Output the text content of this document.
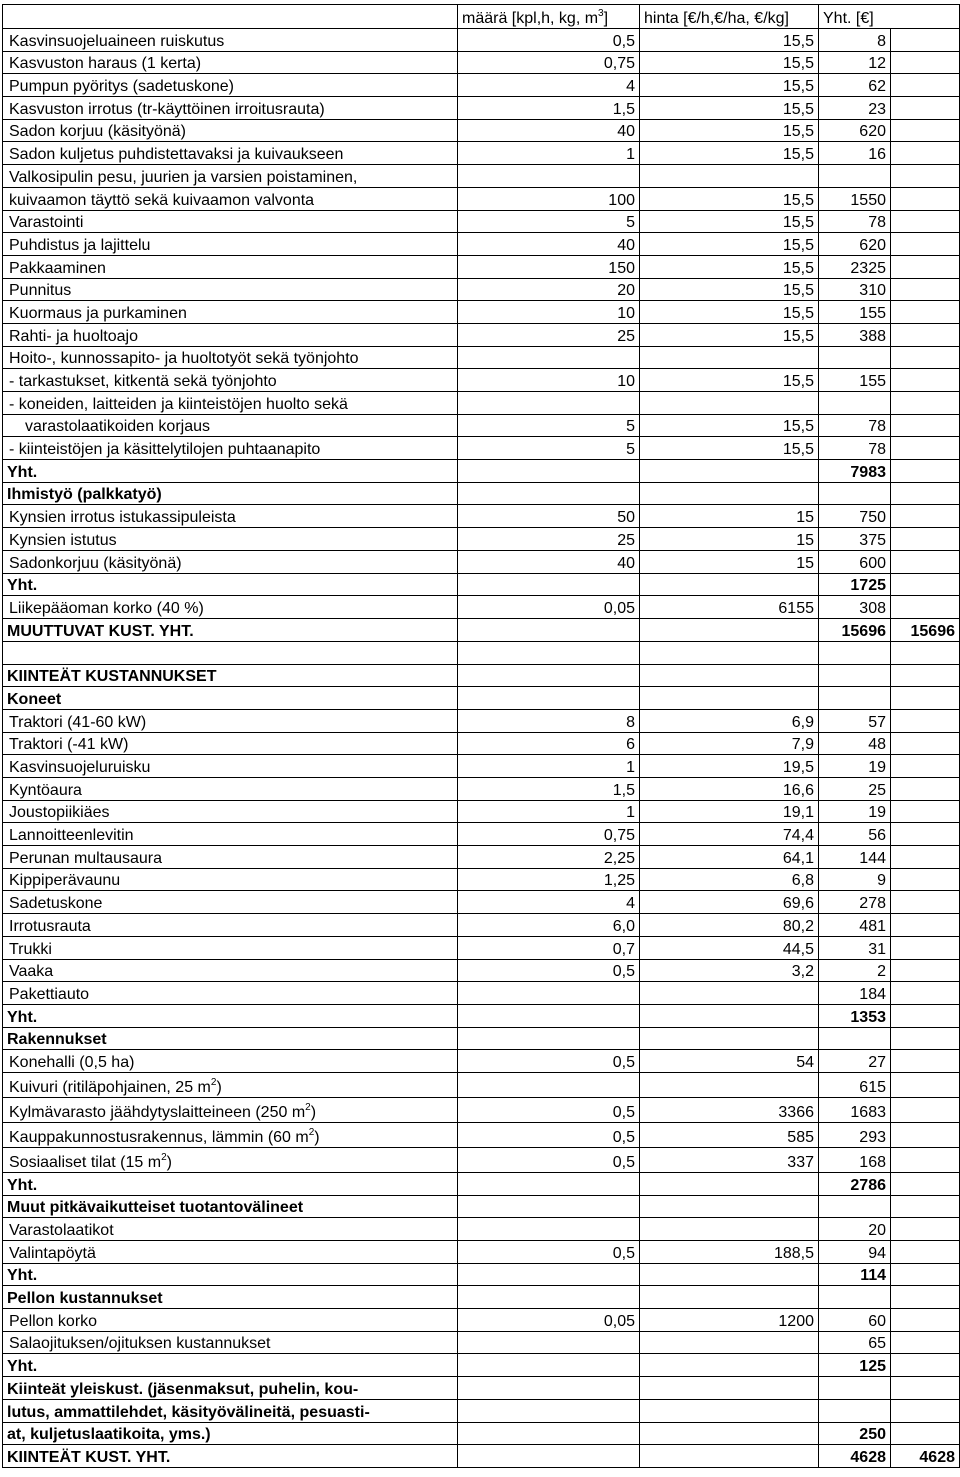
	määrä [kpl,h, kg, $m^3$]	hinta [€/h,€/ha, €/kg]	Yht. [€]	
Kasvinsuojeluaineen ruiskutus	0,5	15,5	8	
Kasvuston haraus (1 kerta)	0,75	15,5	12	
Pumpun pyöritys (sadetuskone)	4	15,5	62	
Kasvuston irrotus (tr-käyttöinen irroitusrauta)	1,5	15,5	23	
Sadon korjuu (käsityönä)	40	15,5	620	
Sadon kuljetus puhdistettavaksi ja kuivaukseen	1	15,5	16	
Valkosipulin pesu, juurien ja varsien poistaminen,				
kuivaamon täyttö sekä kuivaamon valvonta	100	15,5	1550	
Varastointi	5	15,5	78	
Puhdistus ja lajittelu	40	15,5	620	
Pakkaaminen	150	15,5	2325	
Punnitus	20	15,5	310	
Kuormaus ja purkaminen	10	15,5	155	
Rahti- ja huoltoajo	25	15,5	388	
Hoito-, kunnossapito- ja huoltotyöt sekä työnjohto				
- tarkastukset, kitkentä sekä työnjohto	10	15,5	155	
- koneiden, laitteiden ja kiinteistöjen huolto sekä				
varastolaatikoiden korjaus	5	15,5	78	
- kiinteistöjen ja käsittelytilojen puhtaanapito	5	15,5	78	
Yht.			7983	
Ihmistyö (palkkatyö)				
Kynsien irrotus istukassipuleista	50	15	750	
Kynsien istutus	25	15	375	
Sadonkorjuu (käsityönä)	40	15	600	
Yht.			1725	
Liikepääoman korko (40 %)	0,05	6155	308	
MUUTTUVAT KUST. YHT.			15696	15696

KIINTEÄT KUSTANNUKSET				
Koneet				
Traktori (41-60 kW)	8	6,9	57	
Traktori (-41 kW)	6	7,9	48	
Kasvinsuojeluruisku	1	19,5	19	
Kyntöaura	1,5	16,6	25	
Joustopiikiäes	1	19,1	19	
Lannoitteenlevitin	0,75	74,4	56	
Perunan multausaura	2,25	64,1	144	
Kippiperävaunu	1,25	6,8	9	
Sadetuskone	4	69,6	278	
Irrotusrauta	6,0	80,2	481	
Trukki	0,7	44,5	31	
Vaaka	0,5	3,2	2	
Pakettiauto			184	
Yht.			1353	
Rakennukset				
Konehalli (0,5 ha)	0,5	54	27	
Kuivuri (ritiläpohjainen, 25 $m^2$)			615	
Kylmävarasto jäähdytyslaitteineen (250 $m^2$)	0,5	3366	1683	
Kauppakunnostusrakennus, lämmin (60 $m^2$)	0,5	585	293	
Sosiaaliset tilat (15 $m^2$)	0,5	337	168	
Yht.			2786	
Muut pitkävaikutteiset tuotantovälineet				
Varastolaatikot			20	
Valintapöytä	0,5	188,5	94	
Yht.			114	
Pellon kustannukset				
Pellon korko	0,05	1200	60	
Salaojituksen/ojituksen kustannukset			65	
Yht.			125	
Kiinteät yleiskust. (jäsenmaksut, puhelin, kou-				
lutus, ammattilehdet, käsityövälineitä, pesuasti-				
at, kuljetuslaatikoita, yms.)			250	
KIINTEÄT KUST. YHT.			4628	4628
